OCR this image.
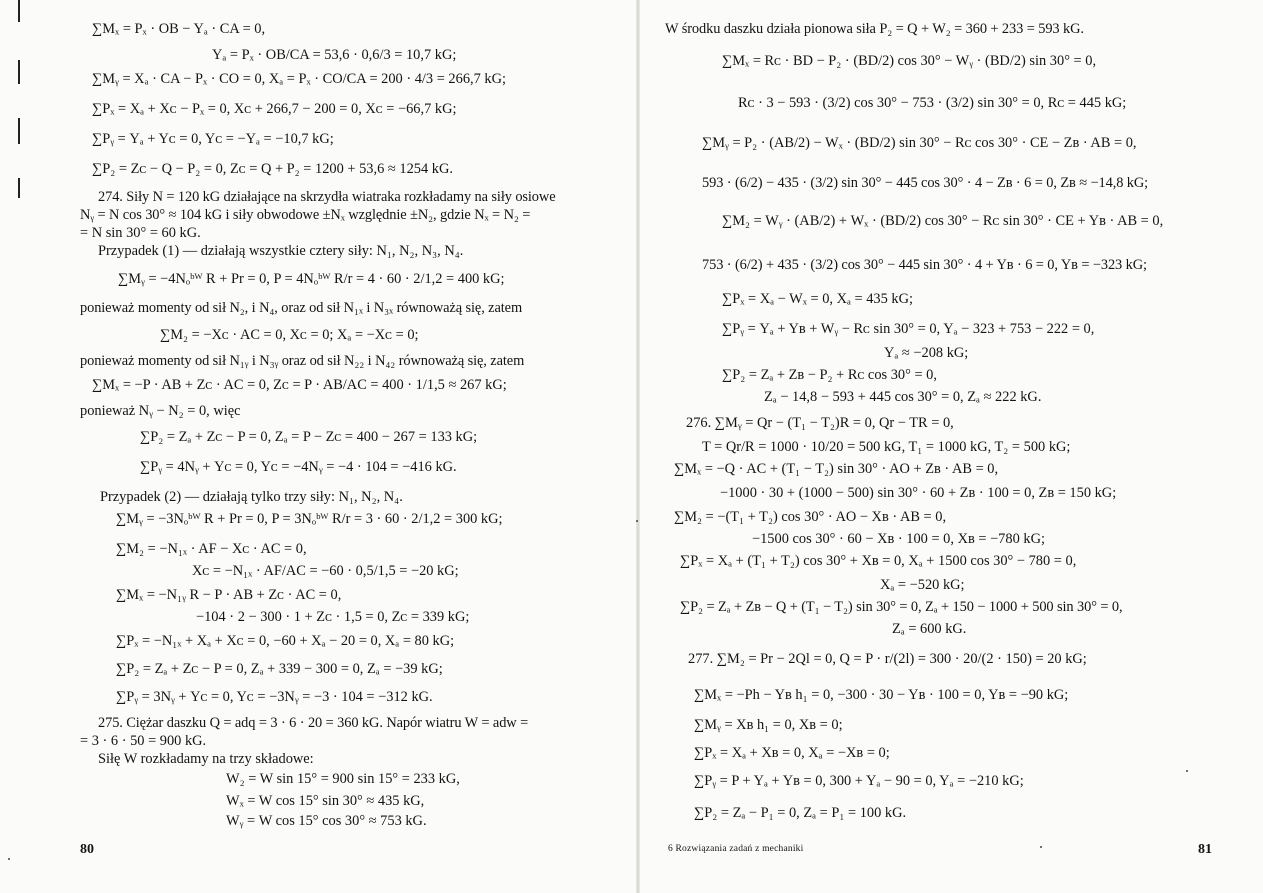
∑Mₓ = Pₓ · OB − Yₐ · CA = 0,
Yₐ = Pₓ · OB/CA = 53,6 · 0,6/3 = 10,7 kG;
∑Mᵧ = Xₐ · CA − Pₓ · CO = 0, Xₐ = Pₓ · CO/CA = 200 · 4/3 = 266,7 kG;
∑Pₓ = Xₐ + Xᴄ − Pₓ = 0, Xᴄ + 266,7 − 200 = 0, Xᴄ = −66,7 kG;
∑Pᵧ = Yₐ + Yᴄ = 0, Yᴄ = −Yₐ = −10,7 kG;
∑P₂ = Zᴄ − Q − P₂ = 0, Zᴄ = Q + P₂ = 1200 + 53,6 ≈ 1254 kG.
274. Siły N = 120 kG działające na skrzydła wiatraka rozkładamy na siły osiowe
Nᵧ = N cos 30° ≈ 104 kG i siły obwodowe ±Nₓ względnie ±N₂, gdzie Nₓ = N₂ =
= N sin 30° = 60 kG.
Przypadek (1) — działają wszystkie cztery siły: N₁, N₂, N₃, N₄.
∑Mᵧ = −4Nₒᵇᵂ R + Pr = 0, P = 4Nₒᵇᵂ R/r = 4 · 60 · 2/1,2 = 400 kG;
ponieważ momenty od sił N₂, i N₄, oraz od sił N₁ₓ i N₃ₓ równoważą się, zatem
∑M₂ = −Xᴄ · AC = 0, Xᴄ = 0; Xₐ = −Xᴄ = 0;
ponieważ momenty od sił N₁ᵧ i N₃ᵧ oraz od sił N₂₂ i N₄₂ równoważą się, zatem
∑Mₓ = −P · AB + Zᴄ · AC = 0, Zᴄ = P · AB/AC = 400 · 1/1,5 ≈ 267 kG;
ponieważ Nᵧ − N₂ = 0, więc
∑P₂ = Zₐ + Zᴄ − P = 0, Zₐ = P − Zᴄ = 400 − 267 = 133 kG;
∑Pᵧ = 4Nᵧ + Yᴄ = 0, Yᴄ = −4Nᵧ = −4 · 104 = −416 kG.
Przypadek (2) — działają tylko trzy siły: N₁, N₂, N₄.
∑Mᵧ = −3Nₒᵇᵂ R + Pr = 0, P = 3Nₒᵇᵂ R/r = 3 · 60 · 2/1,2 = 300 kG;
∑M₂ = −N₁ₓ · AF − Xᴄ · AC = 0,
Xᴄ = −N₁ₓ · AF/AC = −60 · 0,5/1,5 = −20 kG;
∑Mₓ = −N₁ᵧ R − P · AB + Zᴄ · AC = 0,
−104 · 2 − 300 · 1 + Zᴄ · 1,5 = 0, Zᴄ = 339 kG;
∑Pₓ = −N₁ₓ + Xₐ + Xᴄ = 0, −60 + Xₐ − 20 = 0, Xₐ = 80 kG;
∑P₂ = Zₐ + Zᴄ − P = 0, Zₐ + 339 − 300 = 0, Zₐ = −39 kG;
∑Pᵧ = 3Nᵧ + Yᴄ = 0, Yᴄ = −3Nᵧ = −3 · 104 = −312 kG.
275. Ciężar daszku Q = adq = 3 · 6 · 20 = 360 kG. Napór wiatru W = adw =
= 3 · 6 · 50 = 900 kG.
Siłę W rozkładamy na trzy składowe:
W₂ = W sin 15° = 900 sin 15° = 233 kG,
Wₓ = W cos 15° sin 30° ≈ 435 kG,
Wᵧ = W cos 15° cos 30° ≈ 753 kG.
80
W środku daszku działa pionowa siła P₂ = Q + W₂ = 360 + 233 = 593 kG.
∑Mₓ = Rᴄ · BD − P₂ · (BD/2) cos 30° − Wᵧ · (BD/2) sin 30° = 0,
Rᴄ · 3 − 593 · (3/2) cos 30° − 753 · (3/2) sin 30° = 0, Rᴄ = 445 kG;
∑Mᵧ = P₂ · (AB/2) − Wₓ · (BD/2) sin 30° − Rᴄ cos 30° · CE − Zʙ · AB = 0,
593 · (6/2) − 435 · (3/2) sin 30° − 445 cos 30° · 4 − Zʙ · 6 = 0, Zʙ ≈ −14,8 kG;
∑M₂ = Wᵧ · (AB/2) + Wₓ · (BD/2) cos 30° − Rᴄ sin 30° · CE + Yʙ · AB = 0,
753 · (6/2) + 435 · (3/2) cos 30° − 445 sin 30° · 4 + Yʙ · 6 = 0, Yʙ = −323 kG;
∑Pₓ = Xₐ − Wₓ = 0, Xₐ = 435 kG;
∑Pᵧ = Yₐ + Yʙ + Wᵧ − Rᴄ sin 30° = 0, Yₐ − 323 + 753 − 222 = 0,
Yₐ ≈ −208 kG;
∑P₂ = Zₐ + Zʙ − P₂ + Rᴄ cos 30° = 0,
Zₐ − 14,8 − 593 + 445 cos 30° = 0, Zₐ ≈ 222 kG.
276. ∑Mᵧ = Qr − (T₁ − T₂)R = 0, Qr − TR = 0,
T = Qr/R = 1000 · 10/20 = 500 kG, T₁ = 1000 kG, T₂ = 500 kG;
∑Mₓ = −Q · AC + (T₁ − T₂) sin 30° · AO + Zʙ · AB = 0,
−1000 · 30 + (1000 − 500) sin 30° · 60 + Zʙ · 100 = 0, Zʙ = 150 kG;
∑M₂ = −(T₁ + T₂) cos 30° · AO − Xʙ · AB = 0,
−1500 cos 30° · 60 − Xʙ · 100 = 0, Xʙ = −780 kG;
∑Pₓ = Xₐ + (T₁ + T₂) cos 30° + Xʙ = 0, Xₐ + 1500 cos 30° − 780 = 0,
Xₐ = −520 kG;
∑P₂ = Zₐ + Zʙ − Q + (T₁ − T₂) sin 30° = 0, Zₐ + 150 − 1000 + 500 sin 30° = 0,
Zₐ = 600 kG.
277. ∑M₂ = Pr − 2Ql = 0, Q = P · r/(2l) = 300 · 20/(2 · 150) = 20 kG;
∑Mₓ = −Ph − Yʙ h₁ = 0, −300 · 30 − Yʙ · 100 = 0, Yʙ = −90 kG;
∑Mᵧ = Xʙ h₁ = 0, Xʙ = 0;
∑Pₓ = Xₐ + Xʙ = 0, Xₐ = −Xʙ = 0;
∑Pᵧ = P + Yₐ + Yʙ = 0, 300 + Yₐ − 90 = 0, Yₐ = −210 kG;
∑P₂ = Zₐ − P₁ = 0, Zₐ = P₁ = 100 kG.
6 Rozwiązania zadań z mechaniki	81
